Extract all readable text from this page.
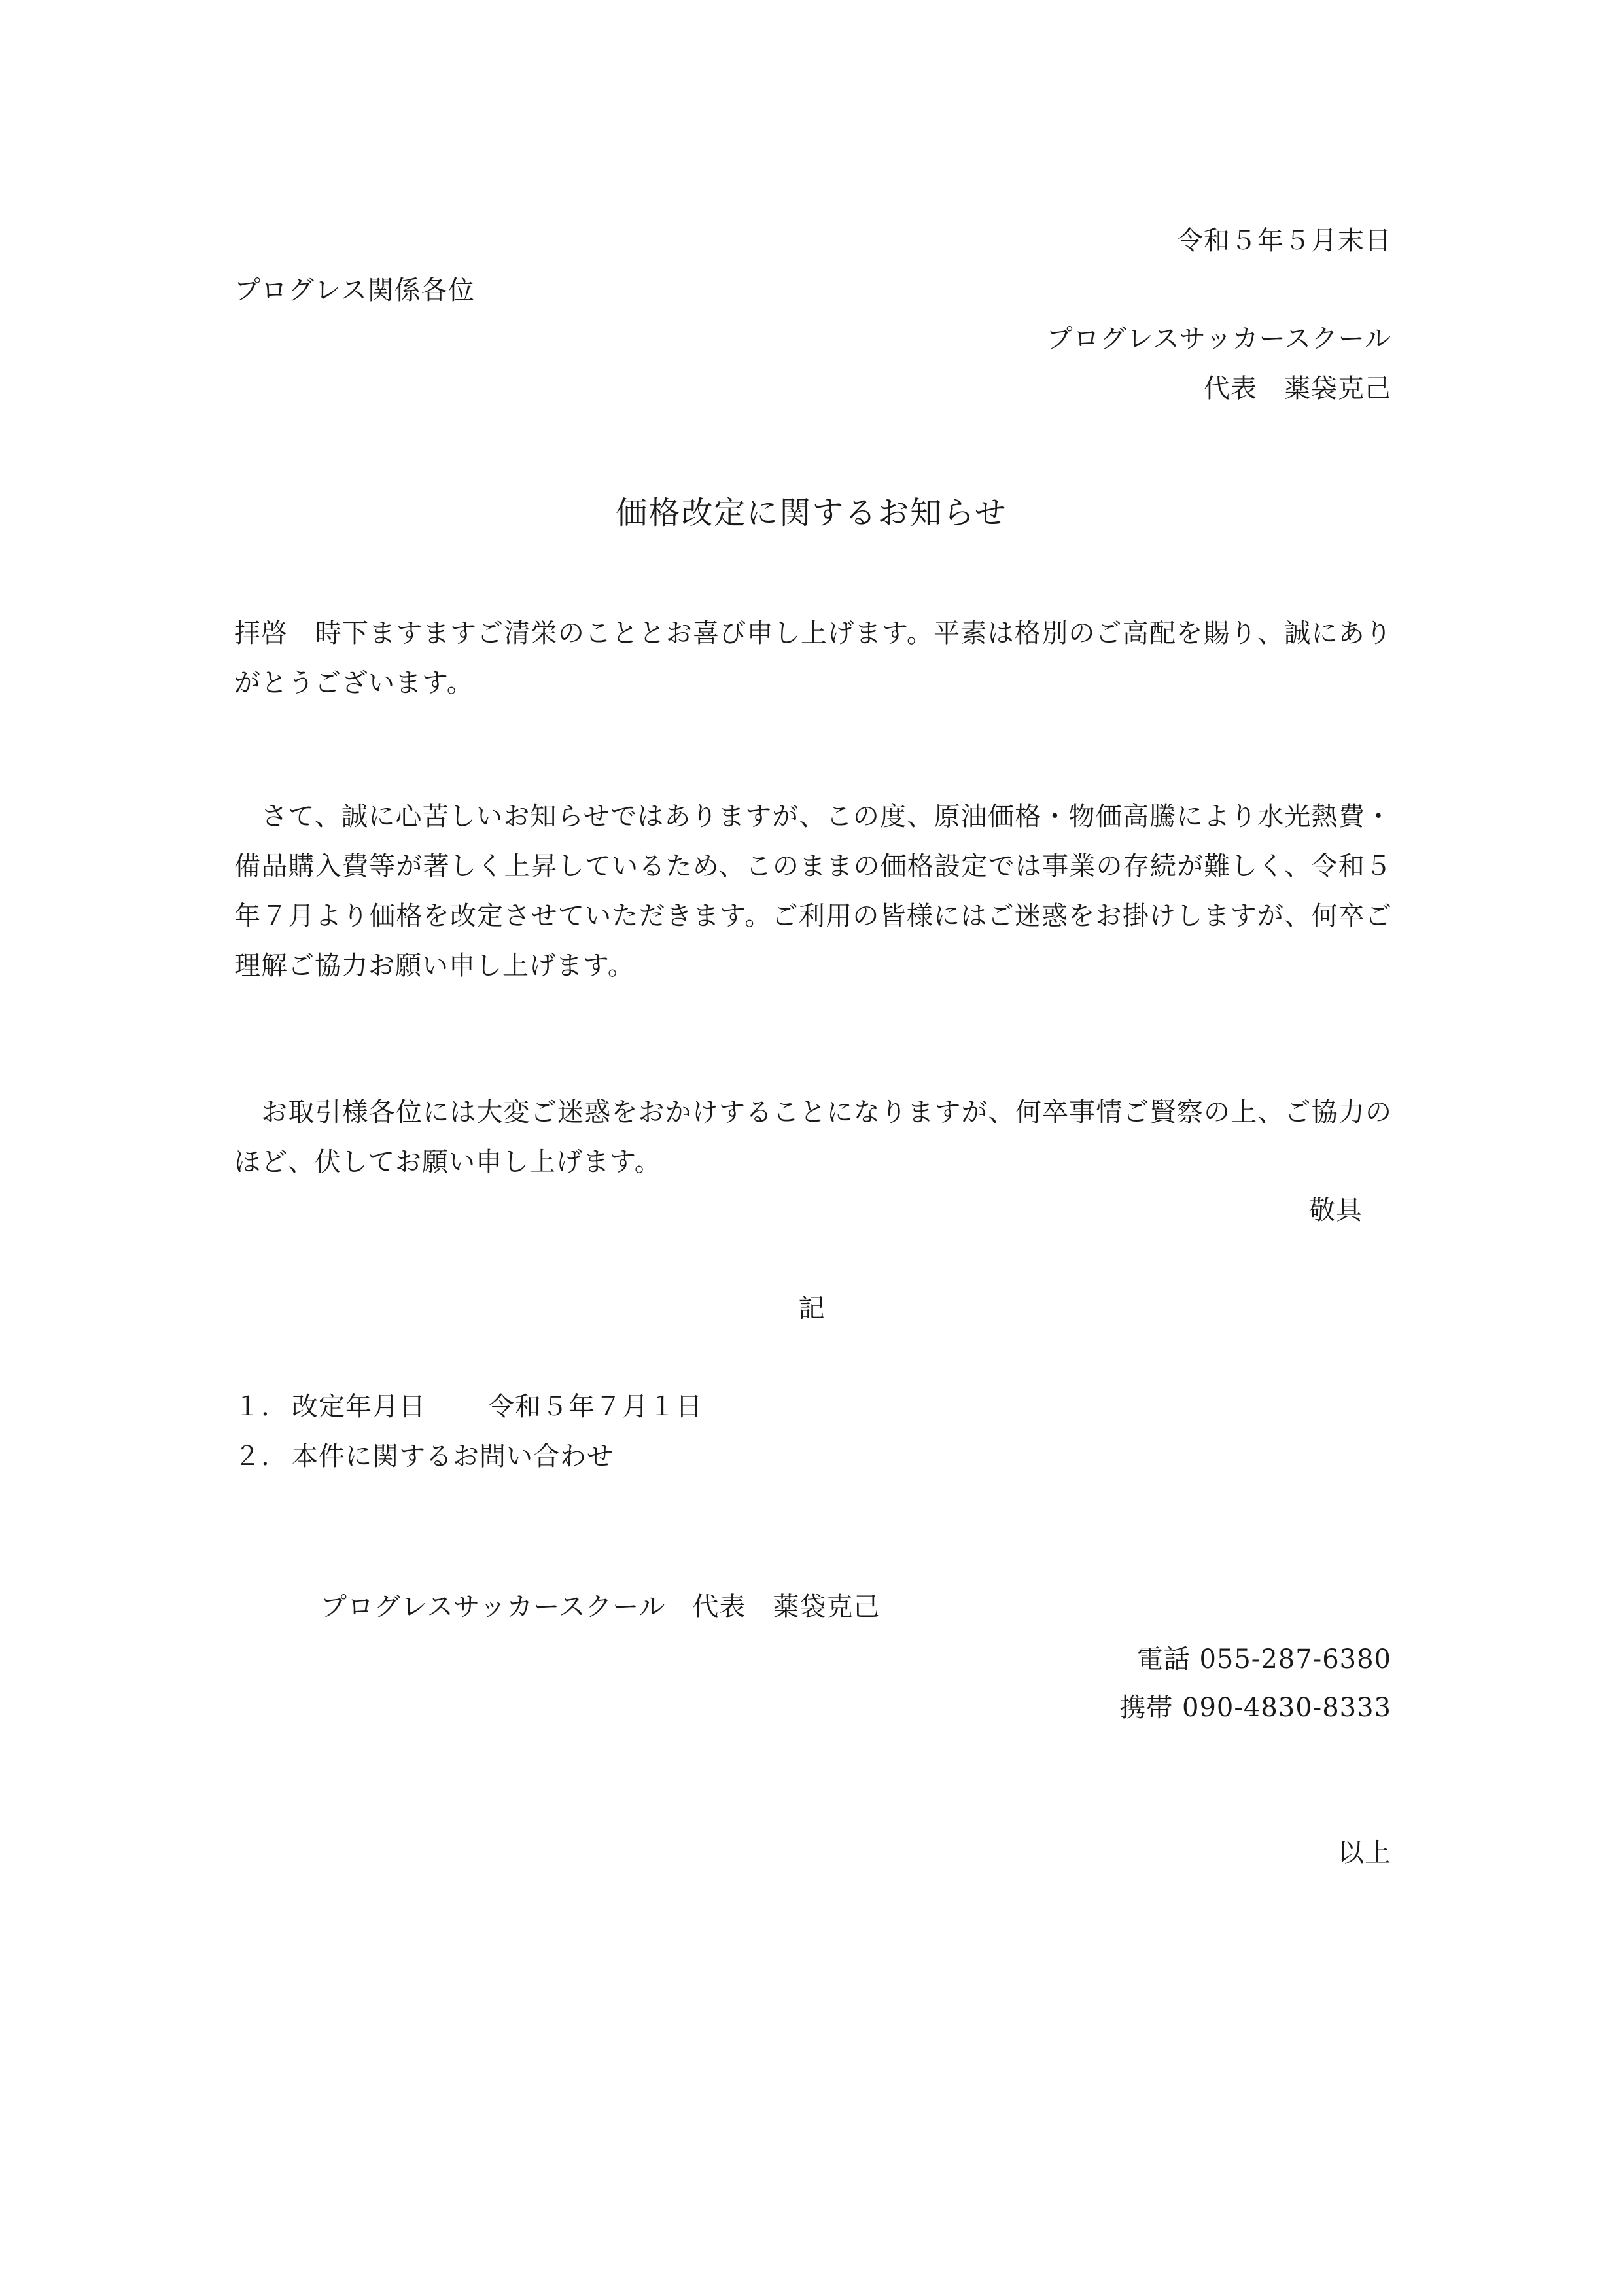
令和５年５月末日
プログレス関係各位
プログレスサッカースクール
代表　薬袋克己
価格改定に関するお知らせ

拝啓　時下ますますご清栄のこととお喜び申し上げます。平素は格別のご高配を賜り、誠にありがとうございます。

　さて、誠に心苦しいお知らせではありますが、この度、原油価格・物価高騰により水光熱費・備品購入費等が著しく上昇しているため、このままの価格設定では事業の存続が難しく、令和５年７月より価格を改定させていただきます。ご利用の皆様にはご迷惑をお掛けしますが、何卒ご理解ご協力お願い申し上げます。

　お取引様各位には大変ご迷惑をおかけすることになりますが、何卒事情ご賢察の上、ご協力のほど、伏してお願い申し上げます。

敬具
記
１. 改定年月日 令和５年７月１日
２. 本件に関するお問い合わせ
プログレスサッカースクール　代表　薬袋克己
電話 055-287-6380
携帯 090-4830-8333
以上
